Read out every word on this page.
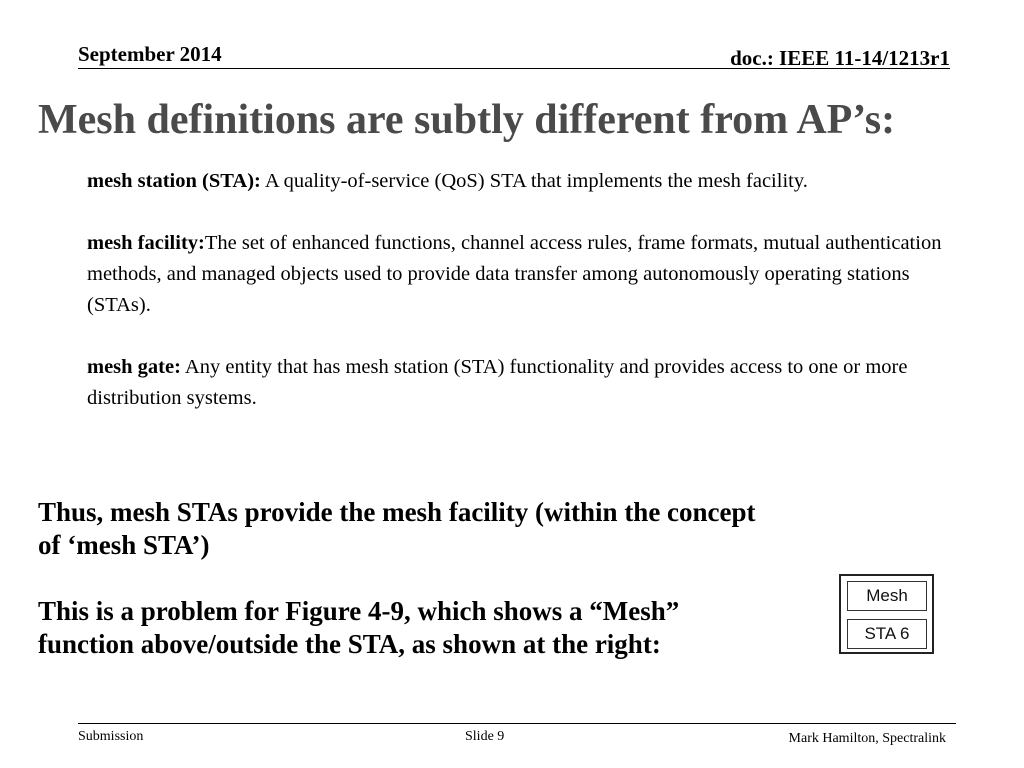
September 2014	doc.: IEEE 11-14/1213r1
Mesh definitions are subtly different from AP’s:

mesh station (STA): A quality-of-service (QoS) STA that implements the mesh facility.

mesh facility:The set of enhanced functions, channel access rules, frame formats, mutual authentication

methods, and managed objects used to provide data transfer among autonomously operating stations (STAs).

mesh gate: Any entity that has mesh station (STA) functionality and provides access to one or more distribution systems.

Thus, mesh STAs provide the mesh facility (within the concept of ‘mesh STA’)

This is a problem for Figure 4-9, which shows a “Mesh” function above/outside the STA, as shown at the right:

Mesh
STA 6
Submission	Slide 9	Mark Hamilton, Spectralink
